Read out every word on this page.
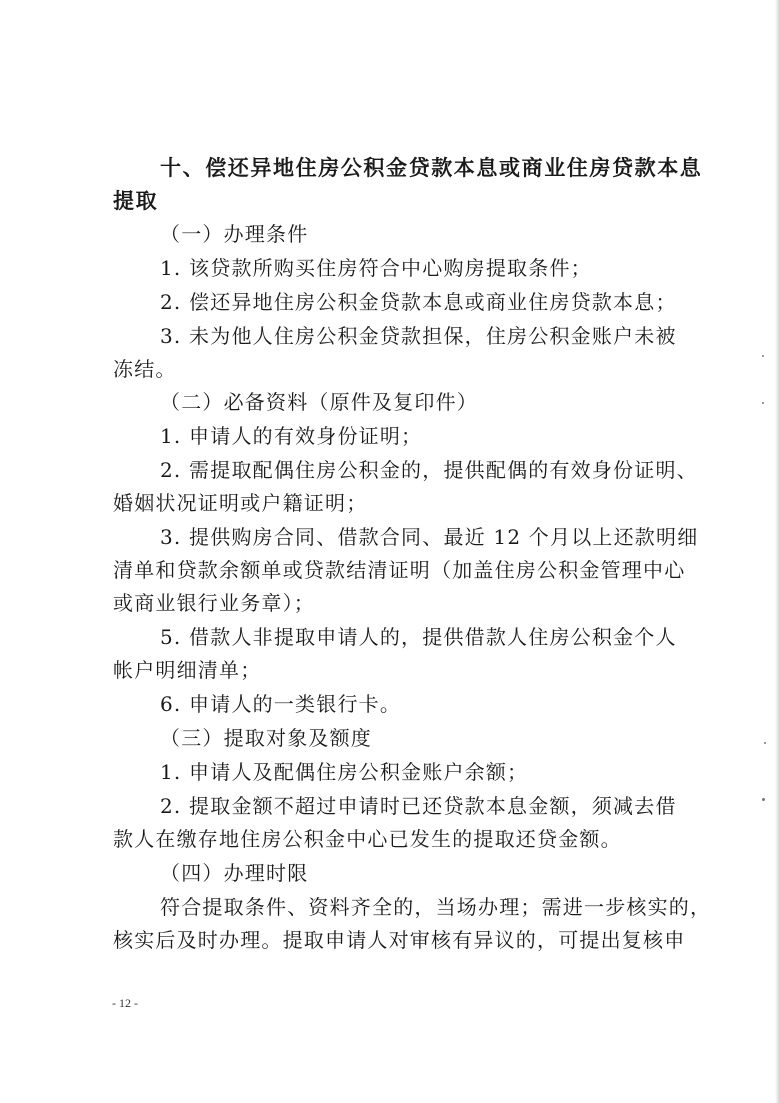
十、偿还异地住房公积金贷款本息或商业住房贷款本息
提取
（一）办理条件
1. 该贷款所购买住房符合中心购房提取条件；
2. 偿还异地住房公积金贷款本息或商业住房贷款本息；
3. 未为他人住房公积金贷款担保，住房公积金账户未被
冻结。
（二）必备资料（原件及复印件）
1. 申请人的有效身份证明；
2. 需提取配偶住房公积金的，提供配偶的有效身份证明、
婚姻状况证明或户籍证明；
3. 提供购房合同、借款合同、最近 12 个月以上还款明细
清单和贷款余额单或贷款结清证明（加盖住房公积金管理中心
或商业银行业务章）；
5. 借款人非提取申请人的，提供借款人住房公积金个人
帐户明细清单；
6. 申请人的一类银行卡。
（三）提取对象及额度
1. 申请人及配偶住房公积金账户余额；
2. 提取金额不超过申请时已还贷款本息金额，须减去借
款人在缴存地住房公积金中心已发生的提取还贷金额。
（四）办理时限
符合提取条件、资料齐全的，当场办理；需进一步核实的，
核实后及时办理。提取申请人对审核有异议的，可提出复核申
- 12 -
